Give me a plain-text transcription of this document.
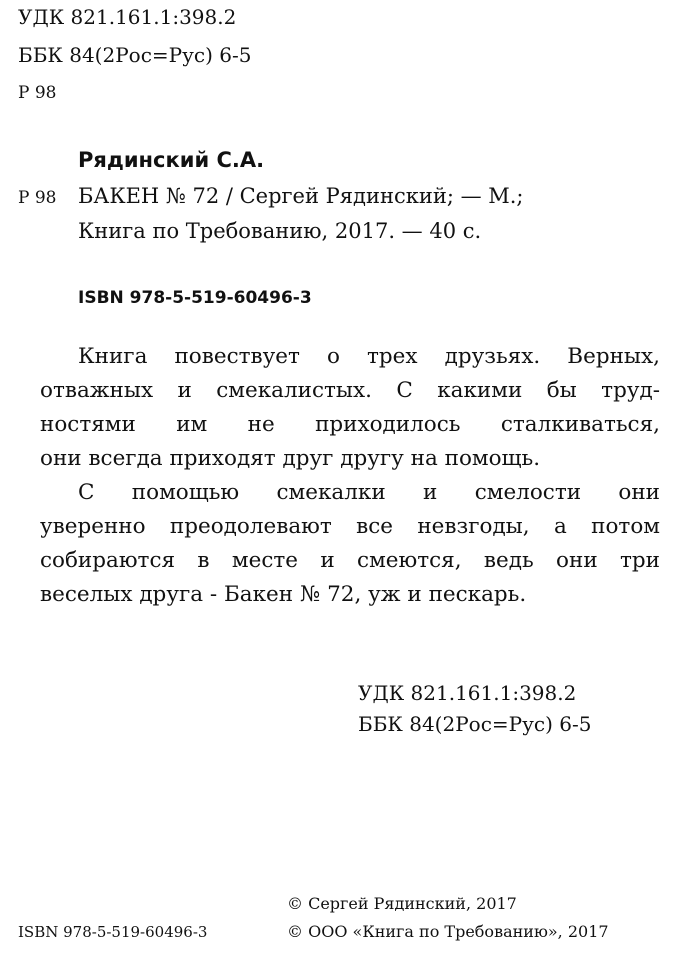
УДК 821.161.1:398.2
ББК 84(2Рос=Рус) 6-5
Р 98
Рядинский С.А.
Р 98 БАКЕН № 72 / Сергей Рядинский; — М.;
Книга по Требованию, 2017. — 40 с.
ISBN 978-5-519-60496-3
Книга повествует о трех друзьях. Верных,
отважных и смекалистых. С какими бы труд-
ностями им не приходилось сталкиваться,
они всегда приходят друг другу на помощь.
С помощью смекалки и смелости они
уверенно преодолевают все невзгоды, а потом
собираются в месте и смеются, ведь они три
веселых друга - Бакен № 72, уж и пескарь.
УДК 821.161.1:398.2
ББК 84(2Рос=Рус) 6-5
ISBN 978-5-519-60496-3
© Сергей Рядинский, 2017
© ООО «Книга по Требованию», 2017
